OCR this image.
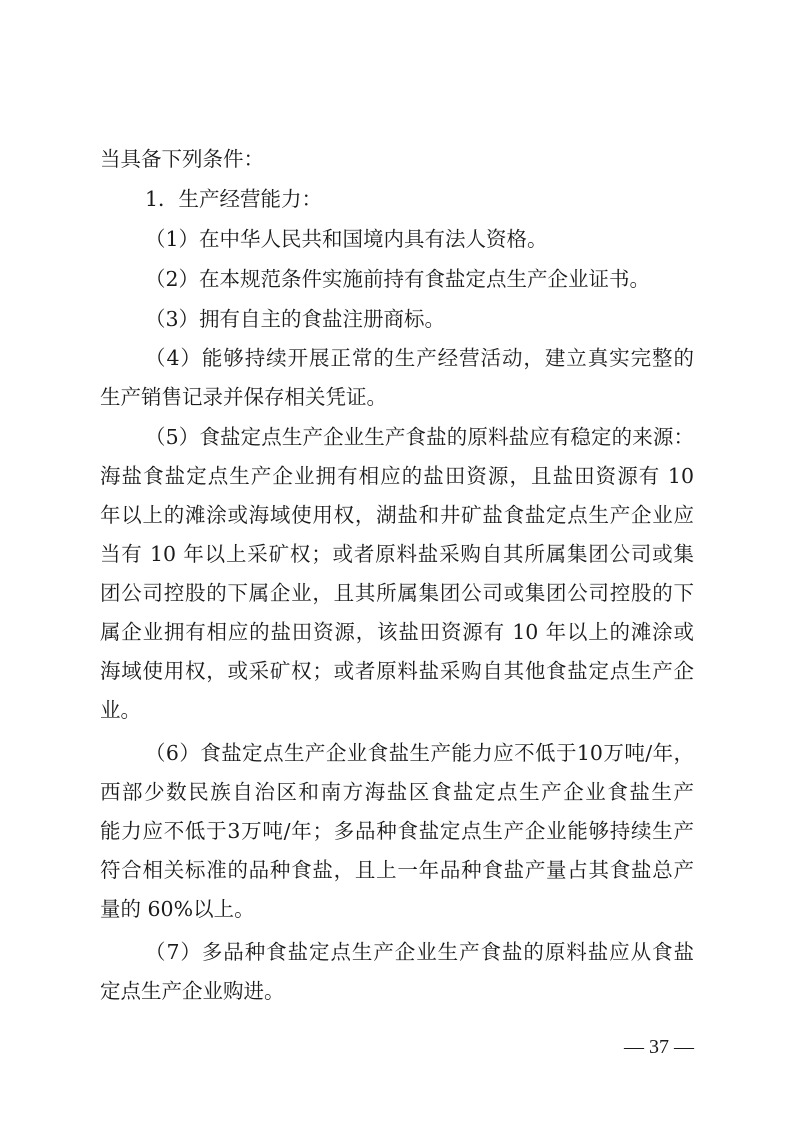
当具备下列条件：
1．生产经营能力：
（1）在中华人民共和国境内具有法人资格。
（2）在本规范条件实施前持有食盐定点生产企业证书。
（3）拥有自主的食盐注册商标。
（4）能够持续开展正常的生产经营活动，建立真实完整的
生产销售记录并保存相关凭证。
（5）食盐定点生产企业生产食盐的原料盐应有稳定的来源：
海盐食盐定点生产企业拥有相应的盐田资源，且盐田资源有 10
年以上的滩涂或海域使用权，湖盐和井矿盐食盐定点生产企业应
当有 10 年以上采矿权；或者原料盐采购自其所属集团公司或集
团公司控股的下属企业，且其所属集团公司或集团公司控股的下
属企业拥有相应的盐田资源，该盐田资源有 10 年以上的滩涂或
海域使用权，或采矿权；或者原料盐采购自其他食盐定点生产企
业。
（6）食盐定点生产企业食盐生产能力应不低于10万吨/年，
西部少数民族自治区和南方海盐区食盐定点生产企业食盐生产
能力应不低于3万吨/年；多品种食盐定点生产企业能够持续生产
符合相关标准的品种食盐，且上一年品种食盐产量占其食盐总产
量的 60%以上。
（7）多品种食盐定点生产企业生产食盐的原料盐应从食盐
定点生产企业购进。
— 37 —
